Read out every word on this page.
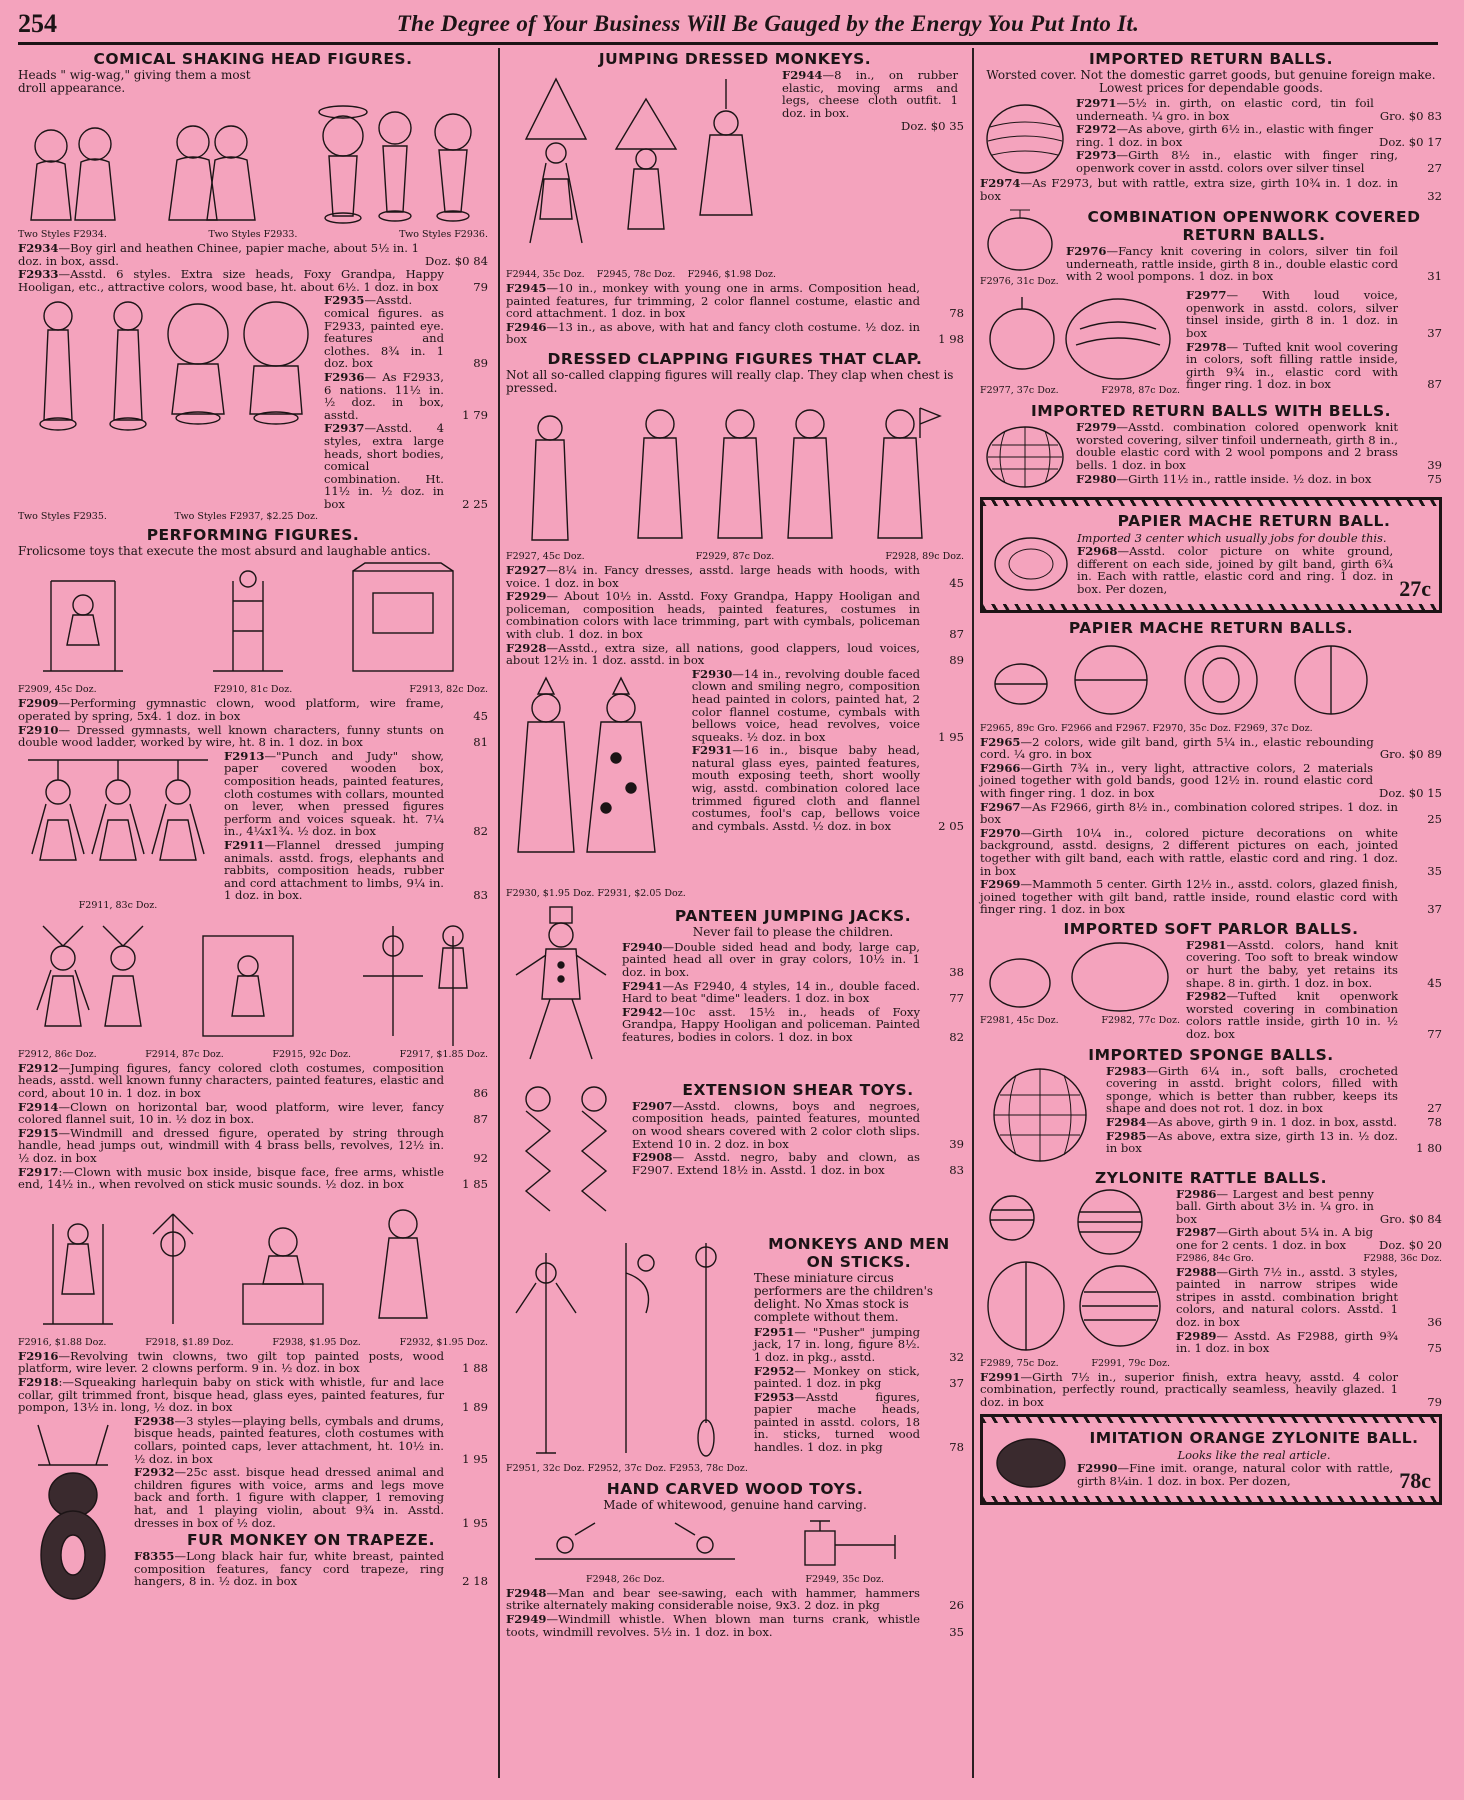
254	The Degree of Your Business Will Be Gauged by the Energy You Put Into It.
COMICAL SHAKING HEAD FIGURES.
Heads " wig-wag," giving them a most droll appearance.
Two Styles F2934.	Two Styles F2933.	Two Styles F2936.
F2934—Boy girl and heathen Chinee, papier mache, about 5½ in. 1 doz. in box, assd.	Doz. $0 84
F2933—Asstd. 6 styles. Extra size heads, Foxy Grandpa, Happy Hooligan, etc., attractive colors, wood base, ht. about 6½. 1 doz. in box	79
F2935—Asstd. comical figures. as F2933, painted eye. features and clothes. 8¾ in. 1 doz. box	89
F2936— As F2933, 6 nations. 11½ in. ½ doz. in box, asstd.	1 79
F2937—Asstd. 4 styles, extra large heads, short bodies, comical combination. Ht. 11½ in. ½ doz. in box	2 25
Two Styles F2935.	Two Styles F2937, $2.25 Doz.
PERFORMING FIGURES.
Frolicsome toys that execute the most absurd and laughable antics.
F2909, 45c Doz.	F2910, 81c Doz.	F2913, 82c Doz.
F2909—Performing gymnastic clown, wood platform, wire frame, operated by spring, 5x4. 1 doz. in box	45
F2910— Dressed gymnasts, well known characters, funny stunts on double wood ladder, worked by wire, ht. 8 in. 1 doz. in box	81
F2911, 83c Doz.
F2913—"Punch and Judy" show, paper covered wooden box, composition heads, painted features, cloth costumes with collars, mounted on lever, when pressed figures perform and voices squeak. ht. 7¼ in., 4¼x1¾. ½ doz. in box	82
F2911—Flannel dressed jumping animals. asstd. frogs, elephants and rabbits, composition heads, rubber and cord attachment to limbs, 9¼ in. 1 doz. in box.	83
F2912, 86c Doz.	F2914, 87c Doz.	F2915, 92c Doz.	F2917, $1.85 Doz.
F2912—Jumping figures, fancy colored cloth costumes, composition heads, asstd. well known funny characters, painted features, elastic and cord, about 10 in. 1 doz. in box	86
F2914—Clown on horizontal bar, wood platform, wire lever, fancy colored flannel suit, 10 in. ½ doz in box.	87
F2915—Windmill and dressed figure, operated by string through handle, head jumps out, windmill with 4 brass bells, revolves, 12½ in. ½ doz. in box	92
F2917:—Clown with music box inside, bisque face, free arms, whistle end, 14½ in., when revolved on stick music sounds. ½ doz. in box	1 85
F2916, $1.88 Doz.	F2918, $1.89 Doz.	F2938, $1.95 Doz.	F2932, $1.95 Doz.
F2916—Revolving twin clowns, two gilt top painted posts, wood platform, wire lever. 2 clowns perform. 9 in. ½ doz. in box	1 88
F2918:—Squeaking harlequin baby on stick with whistle, fur and lace collar, gilt trimmed front, bisque head, glass eyes, painted features, fur pompon, 13½ in. long, ½ doz. in box	1 89
F2938—3 styles—playing bells, cymbals and drums, bisque heads, painted features, cloth costumes with collars, pointed caps, lever attachment, ht. 10½ in. ½ doz. in box	1 95
F2932—25c asst. bisque head dressed animal and children figures with voice, arms and legs move back and forth. 1 figure with clapper, 1 removing hat, and 1 playing violin, about 9¾ in. Asstd. dresses in box of ½ doz.	1 95
FUR MONKEY ON TRAPEZE.
F8355—Long black hair fur, white breast, painted composition features, fancy cord trapeze, ring hangers, 8 in. ½ doz. in box	2 18
JUMPING DRESSED MONKEYS.
F2944, 35c Doz. F2945, 78c Doz. F2946, $1.98 Doz.
F2944—8 in., on rubber elastic, moving arms and legs, cheese cloth outfit. 1 doz. in box.
Doz. $0 35
F2945—10 in., monkey with young one in arms. Composition head, painted features, fur trimming, 2 color flannel costume, elastic and cord attachment. 1 doz. in box	78
F2946—13 in., as above, with hat and fancy cloth costume. ½ doz. in box	1 98
DRESSED CLAPPING FIGURES THAT CLAP.
Not all so-called clapping figures will really clap. They clap when chest is pressed.
F2927, 45c Doz.	F2929, 87c Doz.	F2928, 89c Doz.
F2927—8¼ in. Fancy dresses, asstd. large heads with hoods, with voice. 1 doz. in box	45
F2929— About 10½ in. Asstd. Foxy Grandpa, Happy Hooligan and policeman, composition heads, painted features, costumes in combination colors with lace trimming, part with cymbals, policeman with club. 1 doz. in box	87
F2928—Asstd., extra size, all nations, good clappers, loud voices, about 12½ in. 1 doz. asstd. in box	89
F2930, $1.95 Doz. F2931, $2.05 Doz.
F2930—14 in., revolving double faced clown and smiling negro, composition head painted in colors, painted hat, 2 color flannel costume, cymbals with bellows voice, head revolves, voice squeaks. ½ doz. in box	1 95
F2931—16 in., bisque baby head, natural glass eyes, painted features, mouth exposing teeth, short woolly wig, asstd. combination colored lace trimmed figured cloth and flannel costumes, fool's cap, bellows voice and cymbals. Asstd. ½ doz. in box	2 05
PANTEEN JUMPING JACKS.
Never fail to please the children.
F2940—Double sided head and body, large cap, painted head all over in gray colors, 10½ in. 1 doz. in box.	38
F2941—As F2940, 4 styles, 14 in., double faced. Hard to beat "dime" leaders. 1 doz. in box	77
F2942—10c asst. 15½ in., heads of Foxy Grandpa, Happy Hooligan and policeman. Painted features, bodies in colors. 1 doz. in box	82
EXTENSION SHEAR TOYS.
F2907—Asstd. clowns, boys and negroes, composition heads, painted features, mounted on wood shears covered with 2 color cloth slips. Extend 10 in. 2 doz. in box	39
F2908— Asstd. negro, baby and clown, as F2907. Extend 18½ in. Asstd. 1 doz. in box	83
F2951, 32c Doz. F2952, 37c Doz. F2953, 78c Doz.
MONKEYS AND MEN ON STICKS.
These miniature circus performers are the children's delight. No Xmas stock is complete without them.
F2951— "Pusher" jumping jack, 17 in. long, figure 8½. 1 doz. in pkg., asstd.	32
F2952— Monkey on stick, painted. 1 doz. in pkg	37
F2953—Asstd figures, papier mache heads, painted in asstd. colors, 18 in. sticks, turned wood handles. 1 doz. in pkg	78
HAND CARVED WOOD TOYS.
Made of whitewood, genuine hand carving.
F2948, 26c Doz.	F2949, 35c Doz.
F2948—Man and bear see-sawing, each with hammer, hammers strike alternately making considerable noise, 9x3. 2 doz. in pkg	26
F2949—Windmill whistle. When blown man turns crank, whistle toots, windmill revolves. 5½ in. 1 doz. in box.	35
IMPORTED RETURN BALLS.
Worsted cover. Not the domestic garret goods, but genuine foreign make. Lowest prices for dependable goods.
F2971—5½ in. girth, on elastic cord, tin foil underneath. ¼ gro. in box	Gro. $0 83
F2972—As above, girth 6½ in., elastic with finger ring. 1 doz. in box	Doz. $0 17
F2973—Girth 8½ in., elastic with finger ring, openwork cover in asstd. colors over silver tinsel	27
F2974—As F2973, but with rattle, extra size, girth 10¾ in. 1 doz. in box	32
F2976, 31c Doz.
COMBINATION OPENWORK COVERED RETURN BALLS.
F2976—Fancy knit covering in colors, silver tin foil underneath, rattle inside, girth 8 in., double elastic cord with 2 wool pompons. 1 doz. in box	31
F2977, 37c Doz.	F2978, 87c Doz.
F2977— With loud voice, openwork in asstd. colors, silver tinsel inside, girth 8 in. 1 doz. in box	37
F2978— Tufted knit wool covering in colors, soft filling rattle inside, girth 9¾ in., elastic cord with finger ring. 1 doz. in box	87
IMPORTED RETURN BALLS WITH BELLS.
F2979—Asstd. combination colored openwork knit worsted covering, silver tinfoil underneath, girth 8 in., double elastic cord with 2 wool pompons and 2 brass bells. 1 doz. in box	39
F2980—Girth 11½ in., rattle inside. ½ doz. in box	75
PAPIER MACHE RETURN BALL.
Imported 3 center which usually jobs for double this.
F2968—Asstd. color picture on white ground, different on each side, joined by gilt band, girth 6¾ in. Each with rattle, elastic cord and ring. 1 doz. in box. Per dozen,	27c
PAPIER MACHE RETURN BALLS.
F2965, 89c Gro. F2966 and F2967. F2970, 35c Doz. F2969, 37c Doz.
F2965—2 colors, wide gilt band, girth 5¼ in., elastic rebounding cord. ¼ gro. in box	Gro. $0 89
F2966—Girth 7¾ in., very light, attractive colors, 2 materials joined together with gold bands, good 12½ in. round elastic cord with finger ring. 1 doz. in box	Doz. $0 15
F2967—As F2966, girth 8½ in., combination colored stripes. 1 doz. in box	25
F2970—Girth 10¼ in., colored picture decorations on white background, asstd. designs, 2 different pictures on each, jointed together with gilt band, each with rattle, elastic cord and ring. 1 doz. in box	35
F2969—Mammoth 5 center. Girth 12½ in., asstd. colors, glazed finish, joined together with gilt band, rattle inside, round elastic cord with finger ring. 1 doz. in box	37
IMPORTED SOFT PARLOR BALLS.
F2981, 45c Doz.	F2982, 77c Doz.
F2981—Asstd. colors, hand knit covering. Too soft to break window or hurt the baby, yet retains its shape. 8 in. girth. 1 doz. in box.	45
F2982—Tufted knit openwork worsted covering in combination colors rattle inside, girth 10 in. ½ doz. box	77
IMPORTED SPONGE BALLS.
F2983—Girth 6¼ in., soft balls, crocheted covering in asstd. bright colors, filled with sponge, which is better than rubber, keeps its shape and does not rot. 1 doz. in box	27
F2984—As above, girth 9 in. 1 doz. in box, asstd.	78
F2985—As above, extra size, girth 13 in. ½ doz. in box	1 80
ZYLONITE RATTLE BALLS.
F2989, 75c Doz.	F2991, 79c Doz.
F2986— Largest and best penny ball. Girth about 3½ in. ¼ gro. in box	Gro. $0 84
F2987—Girth about 5¼ in. A big one for 2 cents. 1 doz. in box	Doz. $0 20
F2986, 84c Gro.	F2988, 36c Doz.
F2988—Girth 7½ in., asstd. 3 styles, painted in narrow stripes wide stripes in asstd. combination bright colors, and natural colors. Asstd. 1 doz. in box	36
F2989— Asstd. As F2988, girth 9¾ in. 1 doz. in box	75
F2991—Girth 7½ in., superior finish, extra heavy, asstd. 4 color combination, perfectly round, practically seamless, heavily glazed. 1 doz. in box	79
IMITATION ORANGE ZYLONITE BALL.
Looks like the real article.
F2990—Fine imit. orange, natural color with rattle, girth 8¼in. 1 doz. in box. Per dozen,	78c
